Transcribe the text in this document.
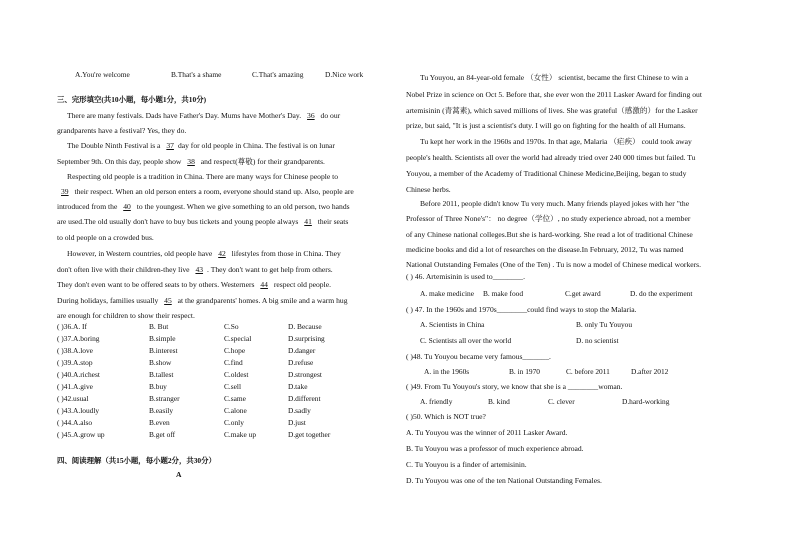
A.You're welcome	B.That's a shame	C.That's amazing	D.Nice work
三、完形填空(共10小题，每小题1分，共10分)
There are many festivals. Dads have Father's Day. Mums have Mother's Day. 36 do our
grandparents have a festival? Yes, they do.
The Double Ninth Festival is a 37 day for old people in China. The festival is on lunar
September 9th. On this day, people show 38 and respect(尊敬) for their grandparents.
Respecting old people is a tradition in China. There are many ways for Chinese people to
39 their respect. When an old person enters a room, everyone should stand up. Also, people are
introduced from the 40 to the youngest. When we give something to an old person, two hands
are used.The old usually don't have to buy bus tickets and young people always 41 their seats
to old people on a crowded bus.
However, in Western countries, old people have 42 lifestyles from those in China. They
don't often live with their children-they live 43 . They don't want to get help from others.
They don't even want to be offered seats to by others. Westerners 44 respect old people.
During holidays, families usually 45 at the grandparents' homes. A big smile and a warm hug
are enough for children to show their respect.
( )36.A. If	B. But	C.So	D. Because
( )37.A.boring	B.simple	C.special	D.surprising
( )38.A.love	B.interest	C.hope	D.danger
( )39.A.stop	B.show	C.find	D.refuse
( )40.A.richest	B.tallest	C.oldest	D.strongest
( )41.A.give	B.buy	C.sell	D.take
( )42.usual	B.stranger	C.same	D.different
( )43.A.loudly	B.easily	C.alone	D.sadly
( )44.A.also	B.even	C.only	D.just
( )45.A.grow up	B.get off	C.make up	D.get together
四、阅读理解（共15小题，每小题2分，共30分）
A
Tu Youyou, an 84-year-old female （女性） scientist, became the first Chinese to win a
Nobel Prize in science on Oct 5. Before that, she ever won the 2011 Lasker Award for finding out
artemisinin (青蒿素), which saved millions of lives. She was grateful（感激的）for the Lasker
prize, but said, "It is just a scientist's duty. I will go on fighting for the health of all Humans.
Tu kept her work in the 1960s and 1970s. In that age, Malaria （疟疾） could took away
people's health. Scientists all over the world had already tried over 240 000 times but failed. Tu
Youyou, a member of the Academy of Traditional Chinese Medicine,Beijing, began to study
Chinese herbs.
Before 2011, people didn't know Tu very much. Many friends played jokes with her "the
Professor of Three None's"： no degree（学位）, no study experience abroad, not a member
of any Chinese national colleges.But she is hard-working. She read a lot of traditional Chinese
medicine books and did a lot of researches on the disease.In February, 2012, Tu was named
National Outstanding Females (One of the Ten) . Tu is now a model of Chinese medical workers.
( ) 46. Artemisinin is used to________.
A. make medicine B. make food	C.get award	D. do the experiment
( ) 47. In the 1960s and 1970s________could find ways to stop the Malaria.
A. Scientists in China	B. only Tu Youyou
C. Scientists all over the world	D. no scientist
( )48. Tu Youyou became very famous_______.
A. in the 1960s	B. in 1970	C. before 2011	D.after 2012
( )49. From Tu Youyou's story, we know that she is a ________woman.
A. friendly	B. kind	C. clever	D.hard-working
( )50. Which is NOT true?
A. Tu Youyou was the winner of 2011 Lasker Award.
B. Tu Youyou was a professor of much experience abroad.
C. Tu Youyou is a finder of artemisinin.
D. Tu Youyou was one of the ten National Outstanding Females.
